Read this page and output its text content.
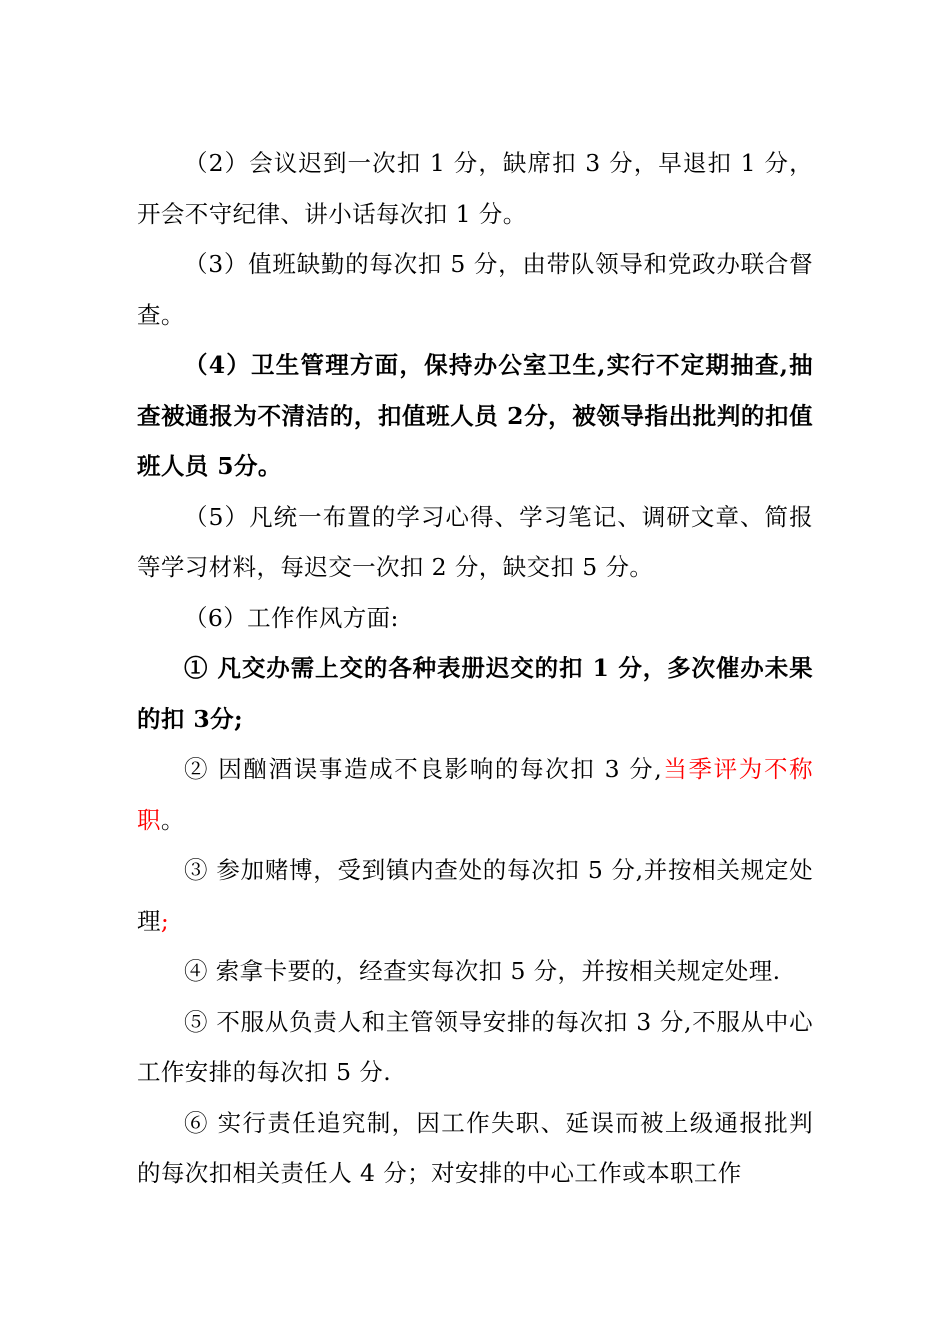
（2）会议迟到一次扣 1 分，缺席扣 3 分，早退扣 1 分，开会不守纪律、讲小话每次扣 1 分。

（3）值班缺勤的每次扣 5 分，由带队领导和党政办联合督查。

（4）卫生管理方面，保持办公室卫生,实行不定期抽查,抽查被通报为不清洁的，扣值班人员 2分，被领导指出批判的扣值班人员 5分。

（5）凡统一布置的学习心得、学习笔记、调研文章、简报等学习材料，每迟交一次扣 2 分，缺交扣 5 分。

（6）工作作风方面:

① 凡交办需上交的各种表册迟交的扣 1 分，多次催办未果的扣 3分;

② 因酗酒误事造成不良影响的每次扣 3 分,当季评为不称职。

③ 参加赌博，受到镇内查处的每次扣 5 分,并按相关规定处理;

④ 索拿卡要的，经查实每次扣 5 分，并按相关规定处理.

⑤ 不服从负责人和主管领导安排的每次扣 3 分,不服从中心工作安排的每次扣 5 分.

⑥ 实行责任追究制，因工作失职、延误而被上级通报批判的每次扣相关责任人 4 分；对安排的中心工作或本职工作
